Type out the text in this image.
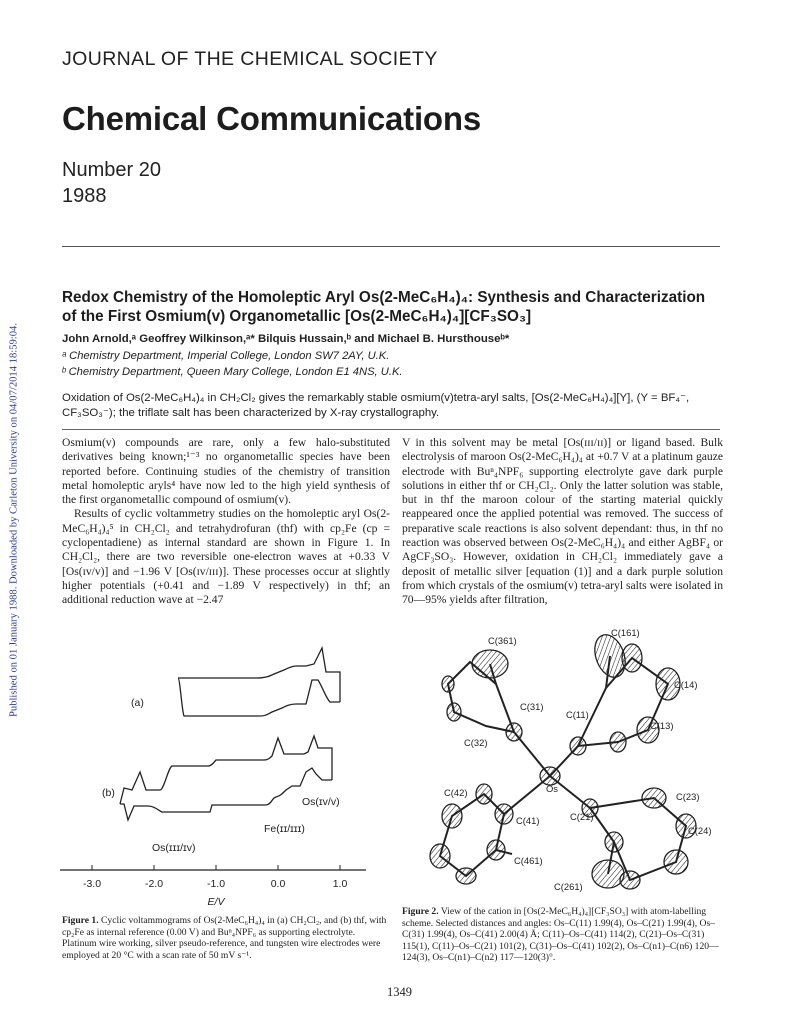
Published on 01 January 1988. Downloaded by Carleton University on 04/07/2014 18:59:04.
JOURNAL OF THE CHEMICAL SOCIETY
Chemical Communications
Number 20
1988
Redox Chemistry of the Homoleptic Aryl Os(2-MeC₆H₄)₄: Synthesis and Characterization of the First Osmium(v) Organometallic [Os(2-MeC₆H₄)₄][CF₃SO₃]
John Arnold,ᵃ Geoffrey Wilkinson,ᵃ* Bilquis Hussain,ᵇ and Michael B. Hursthouseᵇ*
ᵃ Chemistry Department, Imperial College, London SW7 2AY, U.K.
ᵇ Chemistry Department, Queen Mary College, London E1 4NS, U.K.
Oxidation of Os(2-MeC₆H₄)₄ in CH₂Cl₂ gives the remarkably stable osmium(v)tetra-aryl salts, [Os(2-MeC₆H₄)₄][Y], (Y = BF₄⁻, CF₃SO₃⁻); the triflate salt has been characterized by X-ray crystallography.

Osmium(v) compounds are rare, only a few halo-substituted derivatives being known;¹⁻³ no organometallic species have been reported before. Continuing studies of the chemistry of transition metal homoleptic aryls⁴ have now led to the high yield synthesis of the first organometallic compound of osmium(v).

Results of cyclic voltammetry studies on the homoleptic aryl Os(2-MeC₆H₄)₄⁵ in CH₂Cl₂ and tetrahydrofuran (thf) with cp₂Fe (cp = cyclopentadiene) as internal standard are shown in Figure 1. In CH₂Cl₂, there are two reversible one-electron waves at +0.33 V [Os(ɪv/v)] and −1.96 V [Os(ɪv/ɪɪɪ)]. These processes occur at slightly higher potentials (+0.41 and −1.89 V respectively) in thf; an additional reduction wave at −2.47

V in this solvent may be metal [Os(ɪɪɪ/ɪɪ)] or ligand based. Bulk electrolysis of maroon Os(2-MeC₆H₄)₄ at +0.7 V at a platinum gauze electrode with Buⁿ₄NPF₆ supporting electrolyte gave dark purple solutions in either thf or CH₂Cl₂. Only the latter solution was stable, but in thf the maroon colour of the starting material quickly reappeared once the applied potential was removed. The success of preparative scale reactions is also solvent dependant: thus, in thf no reaction was observed between Os(2-MeC₆H₄)₄ and either AgBF₄ or AgCF₃SO₃. However, oxidation in CH₂Cl₂ immediately gave a deposit of metallic silver [equation (1)] and a dark purple solution from which crystals of the osmium(v) tetra-aryl salts were isolated in 70—95% yields after filtration,

(a)
(b)
Os(ɪv/v)
Fe(ɪɪ/ɪɪɪ)
Os(ɪɪɪ/ɪv)
-3.0	-2.0	-1.0	0.0	1.0
E/V
C(361)
C(161)
C(14)
C(31)
C(11)
C(13)
C(32)
Os
C(42)	C(23)
C(41)	C(21)
C(24)
C(461)
C(261)
Figure 1. Cyclic voltammograms of Os(2-MeC₆H₄)₄ in (a) CH₂Cl₂, and (b) thf, with cp₂Fe as internal reference (0.00 V) and Buⁿ₄NPF₆ as supporting electrolyte. Platinum wire working, silver pseudo-reference, and tungsten wire electrodes were employed at 20 °C with a scan rate of 50 mV s⁻¹.
Figure 2. View of the cation in [Os(2-MeC₆H₄)₄][CF₃SO₃] with atom-labelling scheme. Selected distances and angles: Os–C(11) 1.99(4), Os–C(21) 1.99(4), Os–C(31) 1.99(4), Os–C(41) 2.00(4) Å; C(11)–Os–C(41) 114(2), C(21)–Os–C(31) 115(1), C(11)–Os–C(21) 101(2), C(31)–Os–C(41) 102(2), Os–C(n1)–C(n6) 120—124(3), Os–C(n1)–C(n2) 117—120(3)°.
1349
